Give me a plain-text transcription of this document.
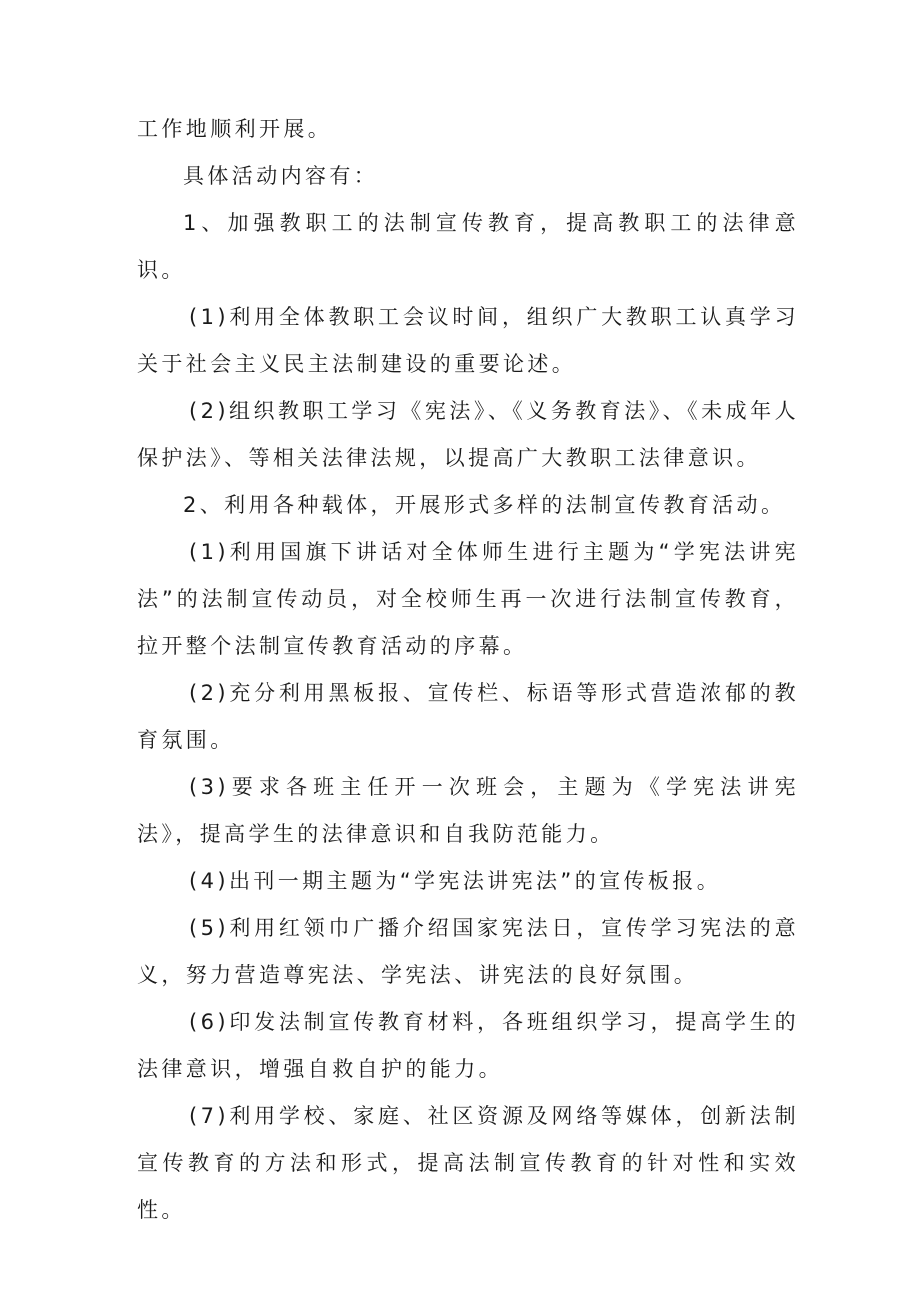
工作地顺利开展。

具体活动内容有：

1、加强教职工的法制宣传教育，提高教职工的法律意识。

(1)利用全体教职工会议时间，组织广大教职工认真学习关于社会主义民主法制建设的重要论述。

(2)组织教职工学习《宪法》、《义务教育法》、《未成年人保护法》、等相关法律法规，以提高广大教职工法律意识。

2、利用各种载体，开展形式多样的法制宣传教育活动。

(1)利用国旗下讲话对全体师生进行主题为“学宪法讲宪法”的法制宣传动员，对全校师生再一次进行法制宣传教育，拉开整个法制宣传教育活动的序幕。

(2)充分利用黑板报、宣传栏、标语等形式营造浓郁的教育氛围。

(3)要求各班主任开一次班会，主题为《学宪法讲宪法》，提高学生的法律意识和自我防范能力。

(4)出刊一期主题为“学宪法讲宪法”的宣传板报。

(5)利用红领巾广播介绍国家宪法日，宣传学习宪法的意义，努力营造尊宪法、学宪法、讲宪法的良好氛围。

(6)印发法制宣传教育材料，各班组织学习，提高学生的法律意识，增强自救自护的能力。

(7)利用学校、家庭、社区资源及网络等媒体，创新法制宣传教育的方法和形式，提高法制宣传教育的针对性和实效性。
